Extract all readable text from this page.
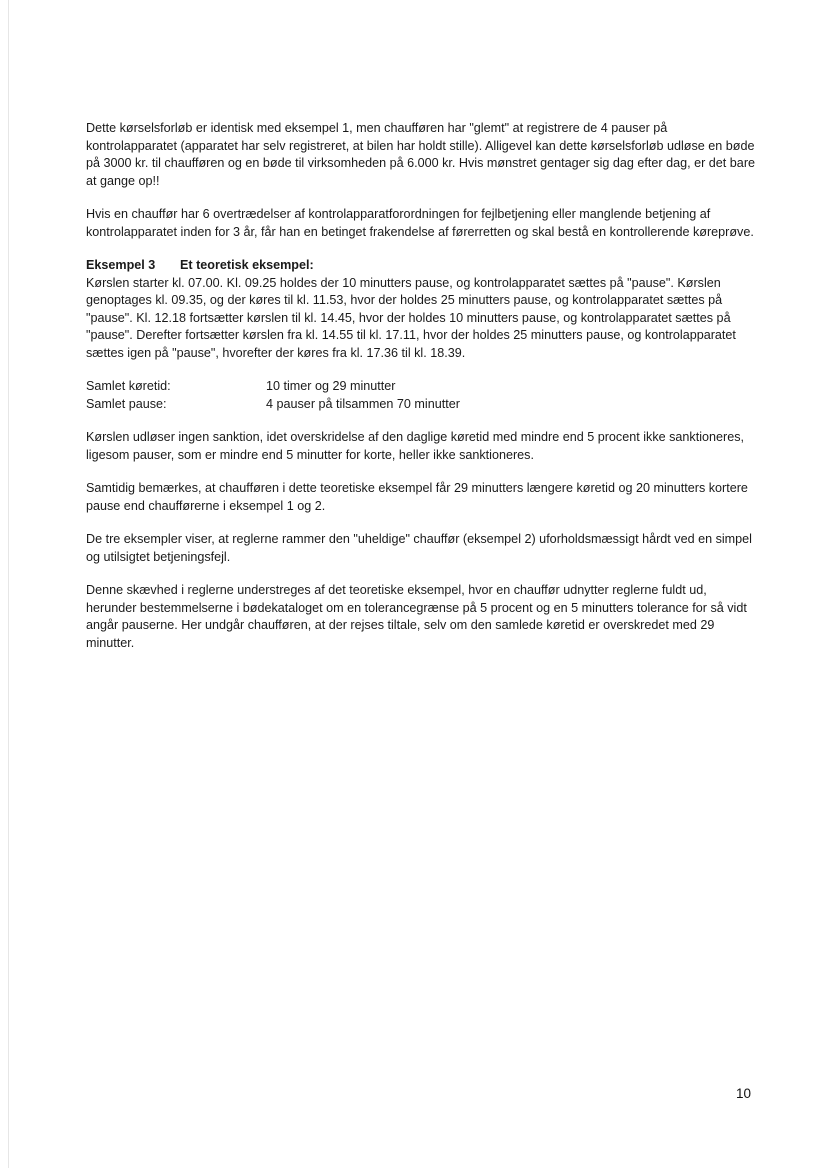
Dette kørselsforløb er identisk med eksempel 1, men chaufføren har "glemt" at registrere de 4 pauser på kontrolapparatet (apparatet har selv registreret, at bilen har holdt stille). Alligevel kan dette kørselsforløb udløse en bøde på 3000 kr. til chaufføren og en bøde til virksomheden på 6.000 kr. Hvis mønstret gentager sig dag efter dag, er det bare at gange op!!

Hvis en chauffør har 6 overtrædelser af kontrolapparatforordningen for fejlbetjening eller manglende betjening af kontrolapparatet inden for 3 år, får han en betinget frakendelse af førerretten og skal bestå en kontrollerende køreprøve.

Eksempel 3 Et teoretisk eksempel:
Kørslen starter kl. 07.00. Kl. 09.25 holdes der 10 minutters pause, og kontrolapparatet sættes på "pause". Kørslen genoptages kl. 09.35, og der køres til kl. 11.53, hvor der holdes 25 minutters pause, og kontrolapparatet sættes på "pause". Kl. 12.18 fortsætter kørslen til kl. 14.45, hvor der holdes 10 minutters pause, og kontrolapparatet sættes på "pause". Derefter fortsætter kørslen fra kl. 14.55 til kl. 17.11, hvor der holdes 25 minutters pause, og kontrolapparatet sættes igen på "pause", hvorefter der køres fra kl. 17.36 til kl. 18.39.
Samlet køretid:	10 timer og 29 minutter
Samlet pause:	4 pauser på tilsammen 70 minutter

Kørslen udløser ingen sanktion, idet overskridelse af den daglige køretid med mindre end 5 procent ikke sanktioneres, ligesom pauser, som er mindre end 5 minutter for korte, heller ikke sanktioneres.

Samtidig bemærkes, at chaufføren i dette teoretiske eksempel får 29 minutters længere køretid og 20 minutters kortere pause end chaufførerne i eksempel 1 og 2.

De tre eksempler viser, at reglerne rammer den "uheldige" chauffør (eksempel 2) uforholdsmæssigt hårdt ved en simpel og utilsigtet betjeningsfejl.

Denne skævhed i reglerne understreges af det teoretiske eksempel, hvor en chauffør udnytter reglerne fuldt ud, herunder bestemmelserne i bødekataloget om en tolerancegrænse på 5 procent og en 5 minutters tolerance for så vidt angår pauserne. Her undgår chaufføren, at der rejses tiltale, selv om den samlede køretid er overskredet med 29 minutter.

10
